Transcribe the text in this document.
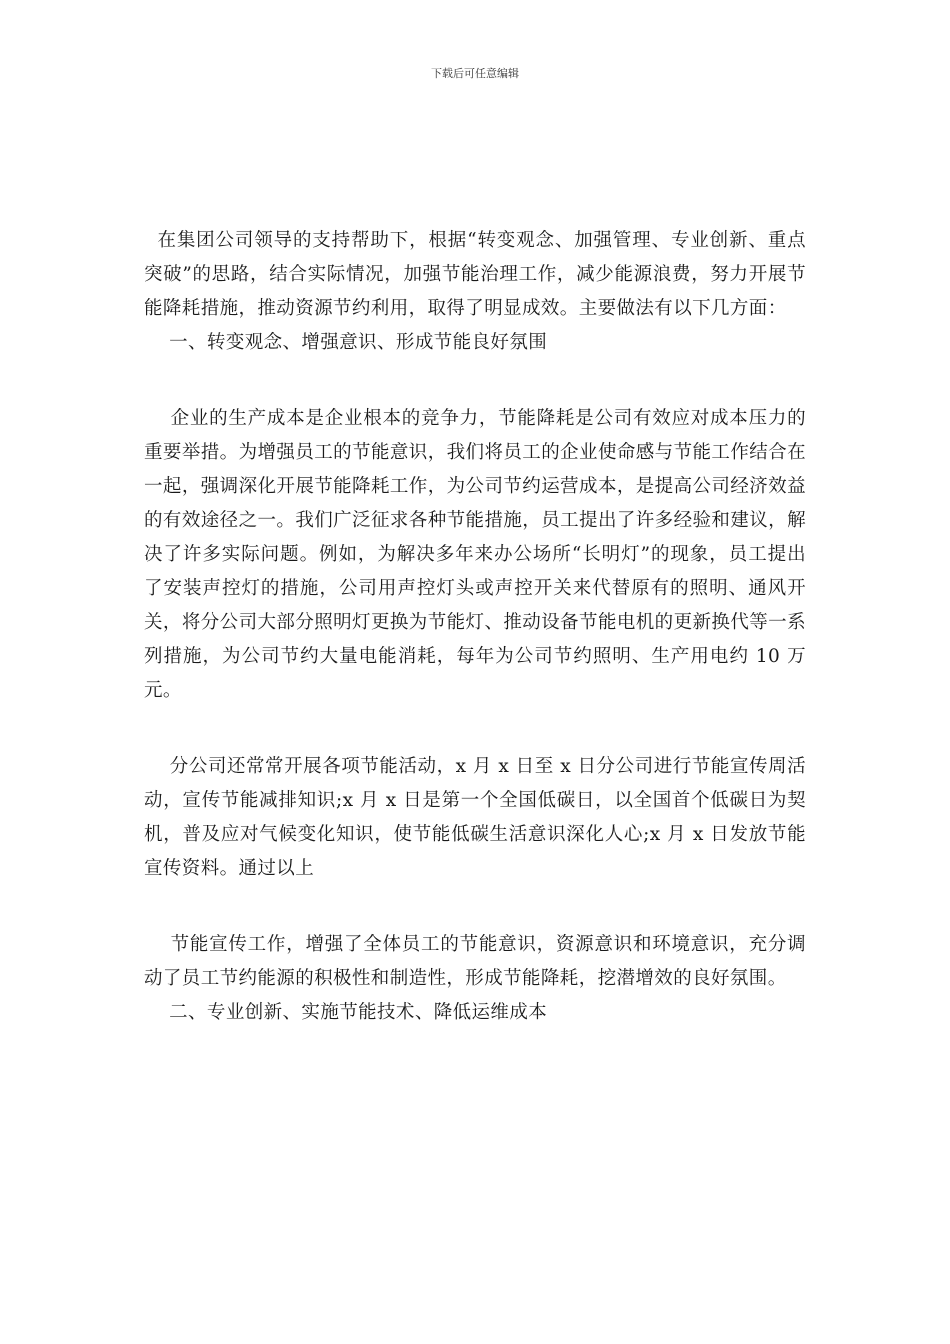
下载后可任意编辑

在集团公司领导的支持帮助下，根据“转变观念、加强管理、专业创新、重点突破”的思路，结合实际情况，加强节能治理工作，减少能源浪费，努力开展节能降耗措施，推动资源节约利用，取得了明显成效。主要做法有以下几方面：

一、转变观念、增强意识、形成节能良好氛围

企业的生产成本是企业根本的竞争力，节能降耗是公司有效应对成本压力的重要举措。为增强员工的节能意识，我们将员工的企业使命感与节能工作结合在一起，强调深化开展节能降耗工作，为公司节约运营成本，是提高公司经济效益的有效途径之一。我们广泛征求各种节能措施，员工提出了许多经验和建议，解决了许多实际问题。例如，为解决多年来办公场所“长明灯”的现象，员工提出了安装声控灯的措施，公司用声控灯头或声控开关来代替原有的照明、通风开关，将分公司大部分照明灯更换为节能灯、推动设备节能电机的更新换代等一系列措施，为公司节约大量电能消耗，每年为公司节约照明、生产用电约 10 万元。

分公司还常常开展各项节能活动，x 月 x 日至 x 日分公司进行节能宣传周活动，宣传节能减排知识;x 月 x 日是第一个全国低碳日，以全国首个低碳日为契机，普及应对气候变化知识，使节能低碳生活意识深化人心;x 月 x 日发放节能宣传资料。通过以上

节能宣传工作，增强了全体员工的节能意识，资源意识和环境意识，充分调动了员工节约能源的积极性和制造性，形成节能降耗，挖潜增效的良好氛围。

二、专业创新、实施节能技术、降低运维成本
